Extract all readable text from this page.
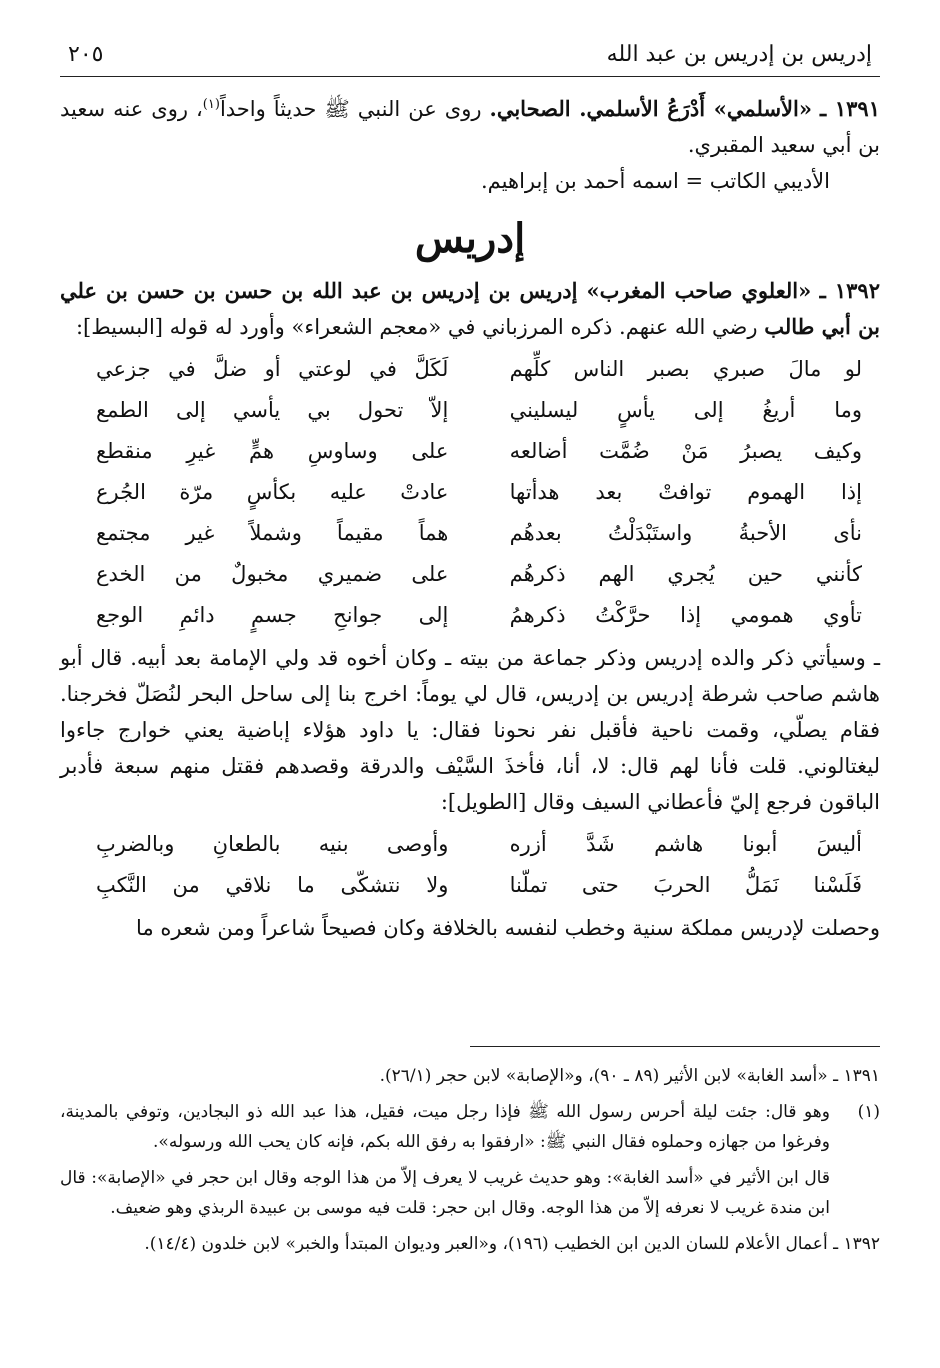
إدريس بن إدريس بن عبد الله
٢٠٥

١٣٩١ ـ «الأسلمي» أَدْرَعُ الأسلمي. الصحابي. روى عن النبي ﷺ حديثاً واحداً$^{(١)}$، روى عنه سعيد بن أبي سعيد المقبري.

الأديبي الكاتب = اسمه أحمد بن إبراهيم.

إدريس

١٣٩٢ ـ «العلوي صاحب المغرب» إدريس بن إدريس بن عبد الله بن حسن بن حسن بن علي بن أبي طالب رضي الله عنهم. ذكره المرزباني في «معجم الشعراء» وأورد له قوله [البسيط]:

لو مالَ صبري بصبر الناس كلِّهم
لَكَلَّ في لوعتي أو ضلَّ في جزعي
وما أريغُ إلى يأسٍ ليسليني
إلاّ تحول بي يأسي إلى الطمع
وكيف يصبرُ مَنْ ضُمَّت أضالعه
على وساوسِ همٍّ غيرِ منقطع
إذا الهموم توافتْ بعد هدأتها
عادتْ عليه بكأسٍ مرّة الجُرع
نأى الأحبةُ واستَبْدَلْتُ بعدهُم
هماً مقيماً وشملاً غير مجتمع
كأنني حين يُجري الهم ذكرهُم
على ضميري مخبولٌ من الخدع
تأوي همومي إذا حرَّكْتُ ذكرهمُ
إلى جوانحِ جسمٍ دائمِ الوجع

ـ وسيأتي ذكر والده إدريس وذكر جماعة من بيته ـ وكان أخوه قد ولي الإمامة بعد أبيه. قال أبو هاشم صاحب شرطة إدريس بن إدريس، قال لي يوماً: اخرج بنا إلى ساحل البحر لنُصَلّ فخرجنا. فقام يصلّي، وقمت ناحية فأقبل نفر نحونا فقال: يا داود هؤلاء إباضية يعني خوارج جاءوا ليغتالوني. قلت فأنا لهم قال: لا، أنا، فأخذَ السَّيْف والدرقة وقصدهم فقتل منهم سبعة فأدبر الباقون فرجع إليّ فأعطاني السيف وقال [الطويل]:

أليسَ أبونا هاشم شَدَّ أزره
وأوصى بنيه بالطعانِ وبالضربِ
فَلَسْنا نَمَلُّ الحربَ حتى تملّنا
ولا نتشكّى ما نلاقي من النَّكبِ

وحصلت لإدريس مملكة سنية وخطب لنفسه بالخلافة وكان فصيحاً شاعراً ومن شعره ما

١٣٩١ ـ «أسد الغابة» لابن الأثير (٨٩ ـ ٩٠)، و«الإصابة» لابن حجر (٢٦/١).

(١)

وهو قال: جئت ليلة أحرس رسول الله ﷺ فإذا رجل ميت، فقيل، هذا عبد الله ذو البجادين، وتوفي بالمدينة، وفرغوا من جهازه وحملوه فقال النبي ﷺ: «ارفقوا به رفق الله بكم، فإنه كان يحب الله ورسوله».

قال ابن الأثير في «أسد الغابة»: وهو حديث غريب لا يعرف إلاّ من هذا الوجه وقال ابن حجر في «الإصابة»: قال ابن مندة غريب لا نعرفه إلاّ من هذا الوجه. وقال ابن حجر: قلت فيه موسى بن عبيدة الربذي وهو ضعيف.

١٣٩٢ ـ أعمال الأعلام للسان الدين ابن الخطيب (١٩٦)، و«العبر وديوان المبتدأ والخبر» لابن خلدون (١٤/٤).
